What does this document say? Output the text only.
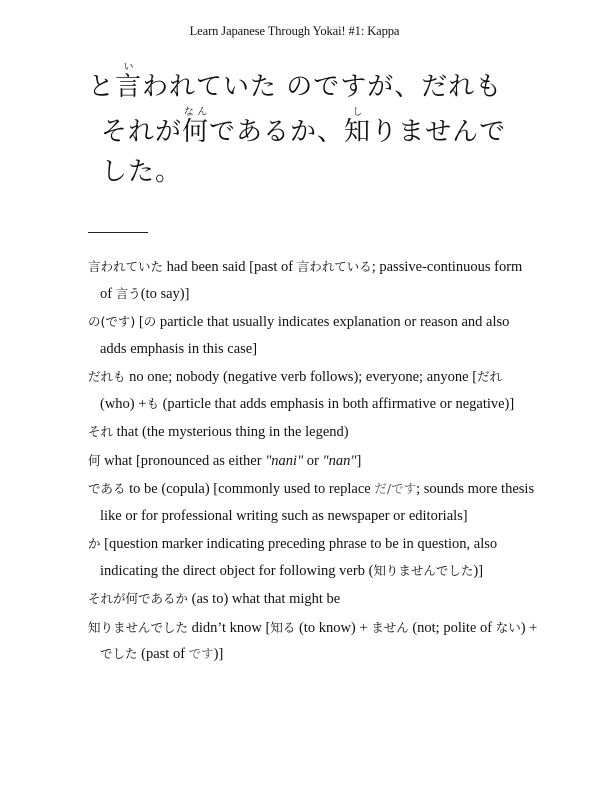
Learn Japanese Through Yokai! #1: Kappa
と言いわれていた のですが、だれも
それが何なんであるか、知しりませんで
した。

言われていた had been said [past of 言われている; passive-continuous form of 言う(to say)]

の(です) [の particle that usually indicates explanation or reason and also adds emphasis in this case]

だれも no one; nobody (negative verb follows); everyone; anyone [だれ (who) +も (particle that adds emphasis in both affirmative or negative)]

それ that (the mysterious thing in the legend)

何 what [pronounced as either "nani" or "nan"]

である to be (copula) [commonly used to replace だ/です; sounds more thesis like or for professional writing such as newspaper or editorials]

か [question marker indicating preceding phrase to be in question, also indicating the direct object for following verb (知りませんでした)]

それが何であるか (as to) what that might be

知りませんでした didn’t know [知る (to know) + ません (not; polite of ない) + でした (past of です)]
